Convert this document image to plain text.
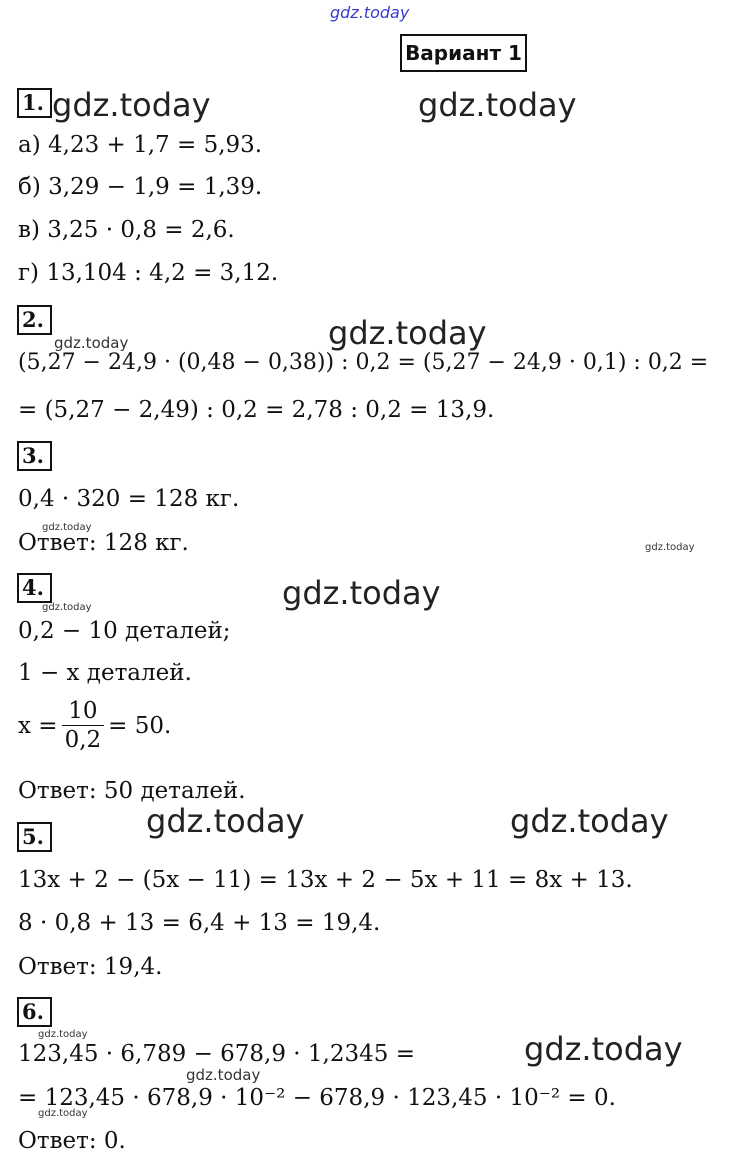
gdz.today
Вариант 1
gdz.today	gdz.today
gdz.today
gdz.today
gdz.today	gdz.today
gdz.today
gdz.today
gdz.today
gdz.today
gdz.today
gdz.today
gdz.today
gdz.today
1.
а) 4,23 + 1,7 = 5,93.
б) 3,29 − 1,9 = 1,39.
в) 3,25 · 0,8 = 2,6.
г) 13,104 : 4,2 = 3,12.
2.
(5,27 − 24,9 · (0,48 − 0,38)) : 0,2 = (5,27 − 24,9 · 0,1) : 0,2 =
= (5,27 − 2,49) : 0,2 = 2,78 : 0,2 = 13,9.
3.
0,4 · 320 = 128 кг.
Ответ: 128 кг.
4.
0,2 − 10 деталей;
1 − x деталей.
$x = \frac{10}{0,2} = 50$.
Ответ: 50 деталей.
5.
13x + 2 − (5x − 11) = 13x + 2 − 5x + 11 = 8x + 13.
8 · 0,8 + 13 = 6,4 + 13 = 19,4.
Ответ: 19,4.
6.
123,45 · 6,789 − 678,9 · 1,2345 =
= 123,45 · 678,9 · 10⁻² − 678,9 · 123,45 · 10⁻² = 0.
Ответ: 0.
